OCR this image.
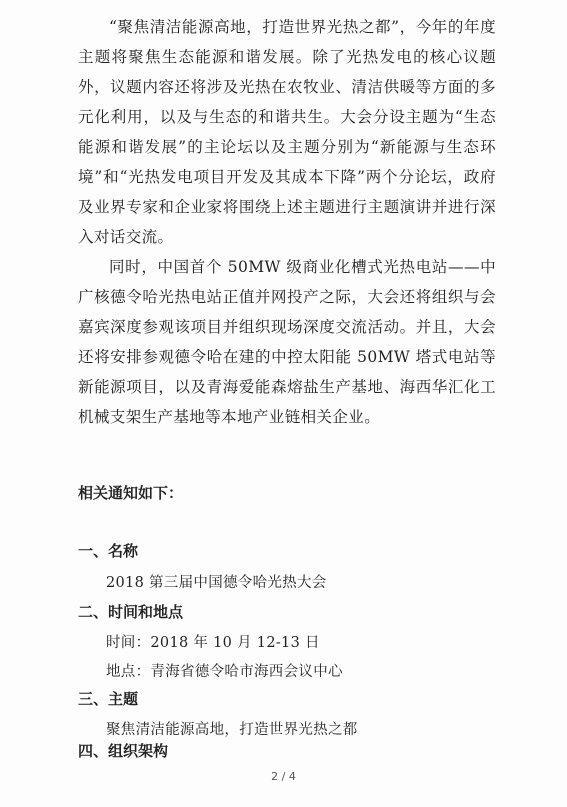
“聚焦清洁能源高地，打造世界光热之都”，今年的年度主题将聚焦生态能源和谐发展。除了光热发电的核心议题外，议题内容还将涉及光热在农牧业、清洁供暖等方面的多元化利用，以及与生态的和谐共生。大会分设主题为“生态能源和谐发展”的主论坛以及主题分别为“新能源与生态环境”和“光热发电项目开发及其成本下降”两个分论坛，政府及业界专家和企业家将围绕上述主题进行主题演讲并进行深入对话交流。

同时，中国首个 50MW 级商业化槽式光热电站——中广核德令哈光热电站正值并网投产之际，大会还将组织与会嘉宾深度参观该项目并组织现场深度交流活动。并且，大会还将安排参观德令哈在建的中控太阳能 50MW 塔式电站等新能源项目，以及青海爱能森熔盐生产基地、海西华汇化工机械支架生产基地等本地产业链相关企业。

相关通知如下：
一、名称
2018 第三届中国德令哈光热大会
二、时间和地点
时间：2018 年 10 月 12-13 日
地点：青海省德令哈市海西会议中心
三、主题
聚焦清洁能源高地，打造世界光热之都
四、组织架构
2 / 4
